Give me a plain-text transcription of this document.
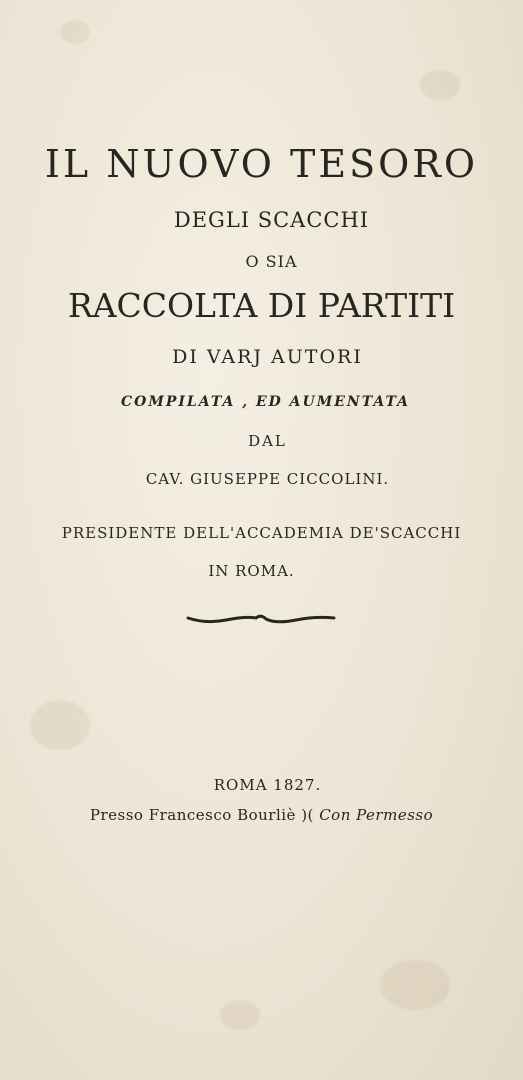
IL NUOVO TESORO
DEGLI SCACCHI
O SIA
RACCOLTA DI PARTITI
DI VARJ AUTORI
COMPILATA , ED AUMENTATA
DAL
CAV. GIUSEPPE CICCOLINI.
PRESIDENTE DELL'ACCADEMIA DE'SCACCHI
IN ROMA.
ROMA 1827.
Presso Francesco Bourliè )( Con Permesso
